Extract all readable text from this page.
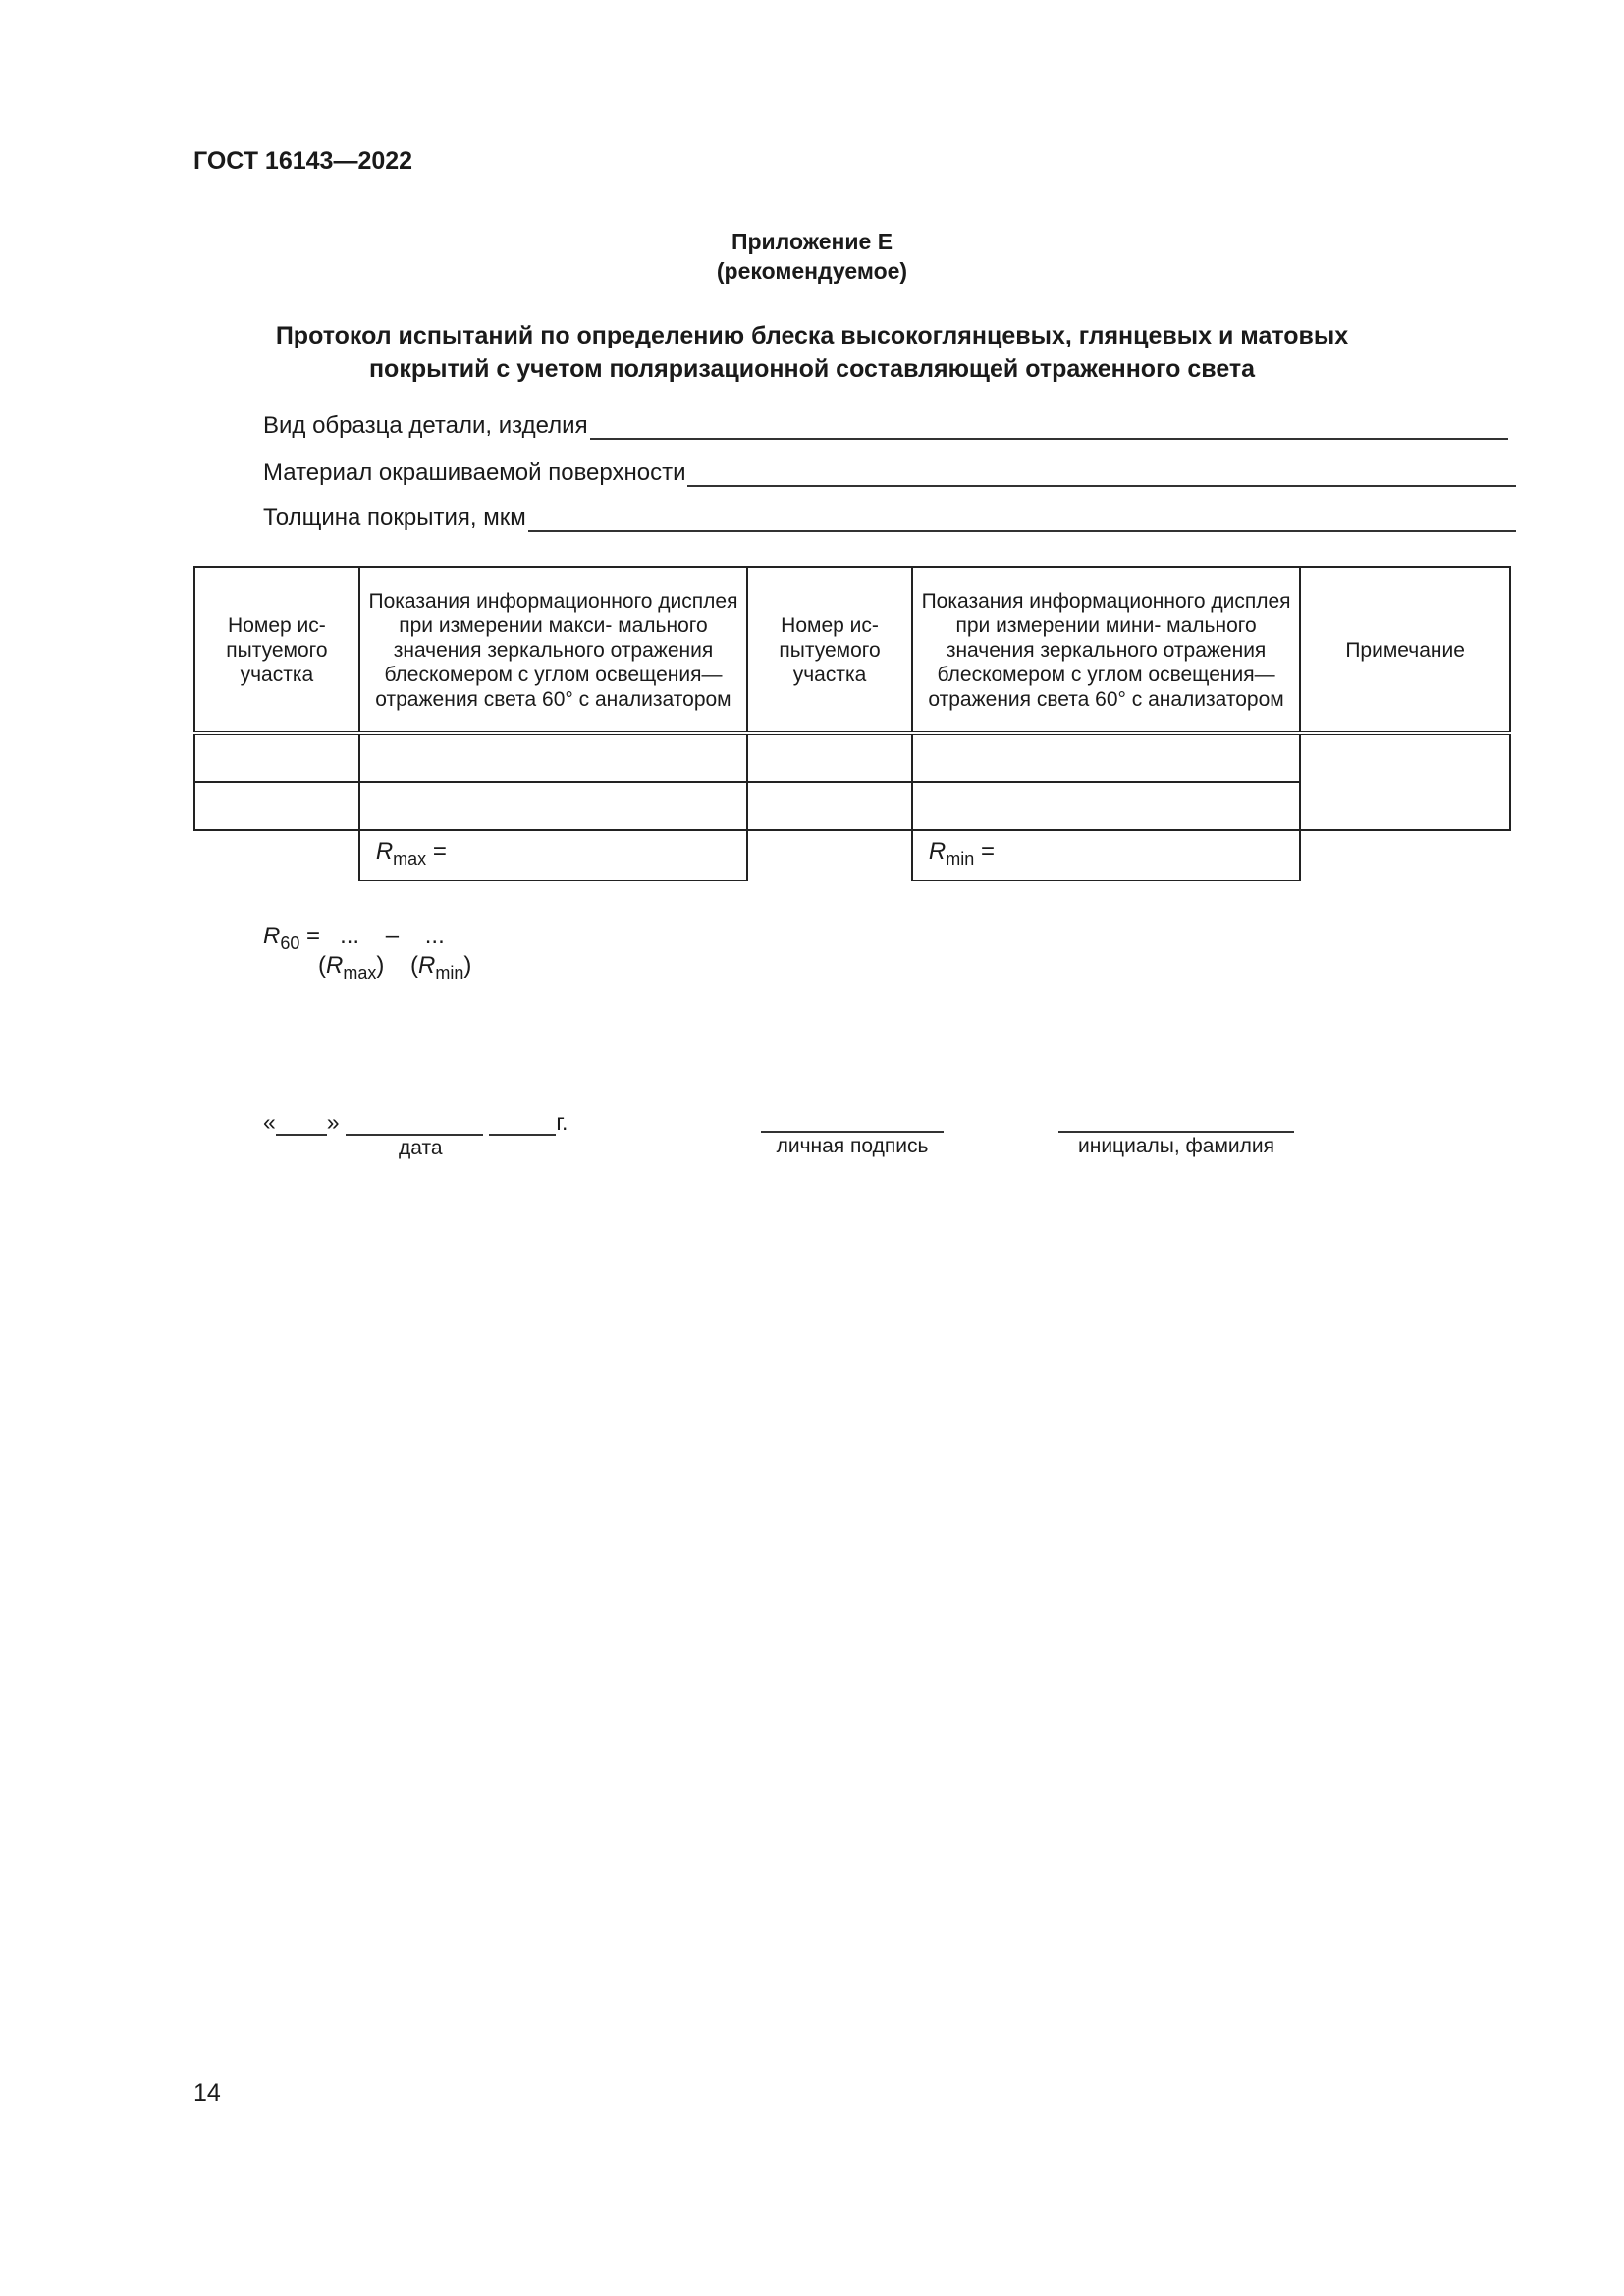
ГОСТ 16143—2022
Приложение Е
(рекомендуемое)
Протокол испытаний по определению блеска высокоглянцевых, глянцевых и матовых
покрытий с учетом поляризационной составляющей отраженного света
Вид образца детали, изделия
Материал окрашиваемой поверхности
Толщина покрытия, мкм
Номер ис- пытуемого участка	Показания информационного дисплея при измерении макси- мального значения зеркального отражения блескомером с углом освещения—отражения света 60° с анализатором	Номер ис- пытуемого участка	Показания информационного дисплея при измерении мини- мального значения зеркального отражения блескомером с углом освещения—отражения света 60° с анализатором	Примечание

	$R_{max}$ =		$R_{min}$ =	
$R_{60}$ =   ...    –    ...
$(R_{max})$ $(R_{min})$
« »	г.
дата	личная подпись	инициалы, фамилия
14
